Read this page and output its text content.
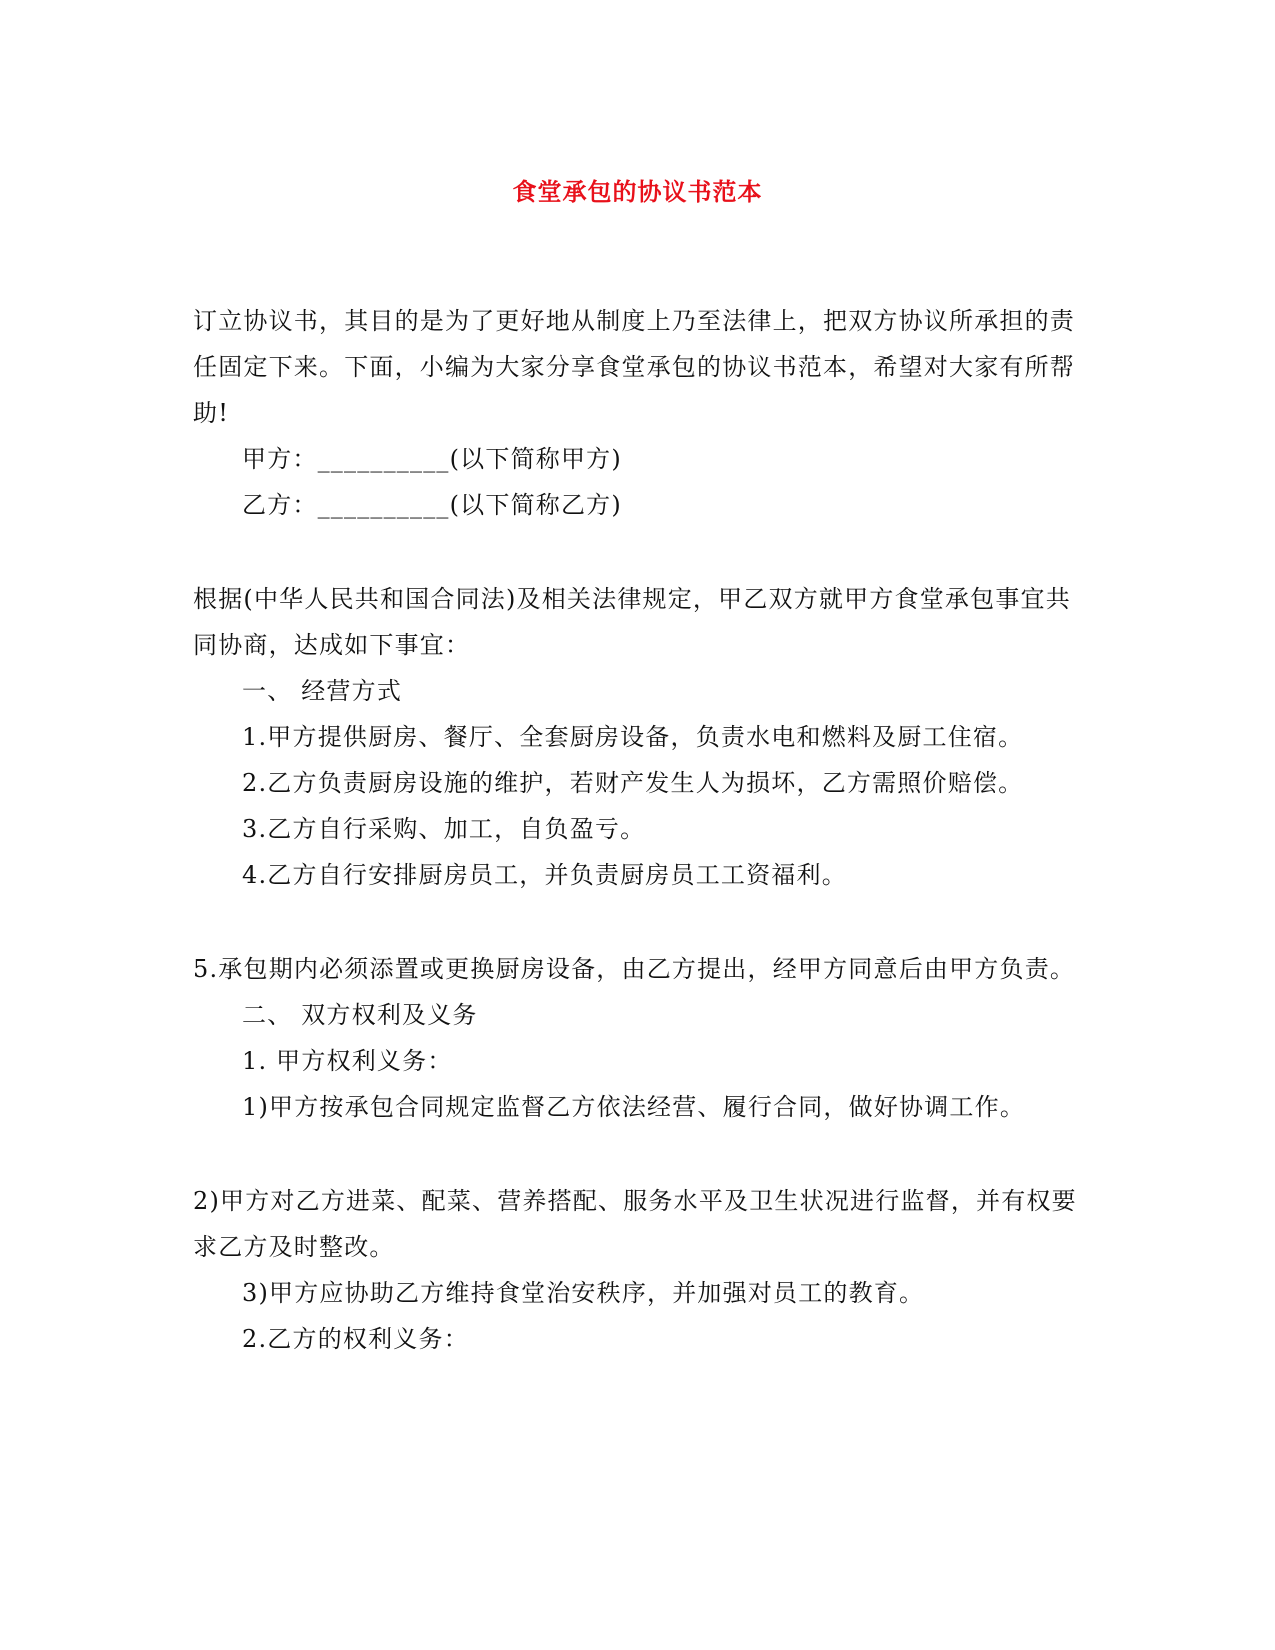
食堂承包的协议书范本

订立协议书，其目的是为了更好地从制度上乃至法律上，把双方协议所承担的责

任固定下来。下面，小编为大家分享食堂承包的协议书范本，希望对大家有所帮

助!

甲方：__________(以下简称甲方)

乙方：__________(以下简称乙方)

根据(中华人民共和国合同法)及相关法律规定，甲乙双方就甲方食堂承包事宜共

同协商，达成如下事宜：

一、 经营方式

1.甲方提供厨房、餐厅、全套厨房设备，负责水电和燃料及厨工住宿。

2.乙方负责厨房设施的维护，若财产发生人为损坏，乙方需照价赔偿。

3.乙方自行采购、加工，自负盈亏。

4.乙方自行安排厨房员工，并负责厨房员工工资福利。

5.承包期内必须添置或更换厨房设备，由乙方提出，经甲方同意后由甲方负责。

二、 双方权利及义务

1. 甲方权利义务：

1)甲方按承包合同规定监督乙方依法经营、履行合同，做好协调工作。

2)甲方对乙方进菜、配菜、营养搭配、服务水平及卫生状况进行监督，并有权要

求乙方及时整改。

3)甲方应协助乙方维持食堂治安秩序，并加强对员工的教育。

2.乙方的权利义务：
